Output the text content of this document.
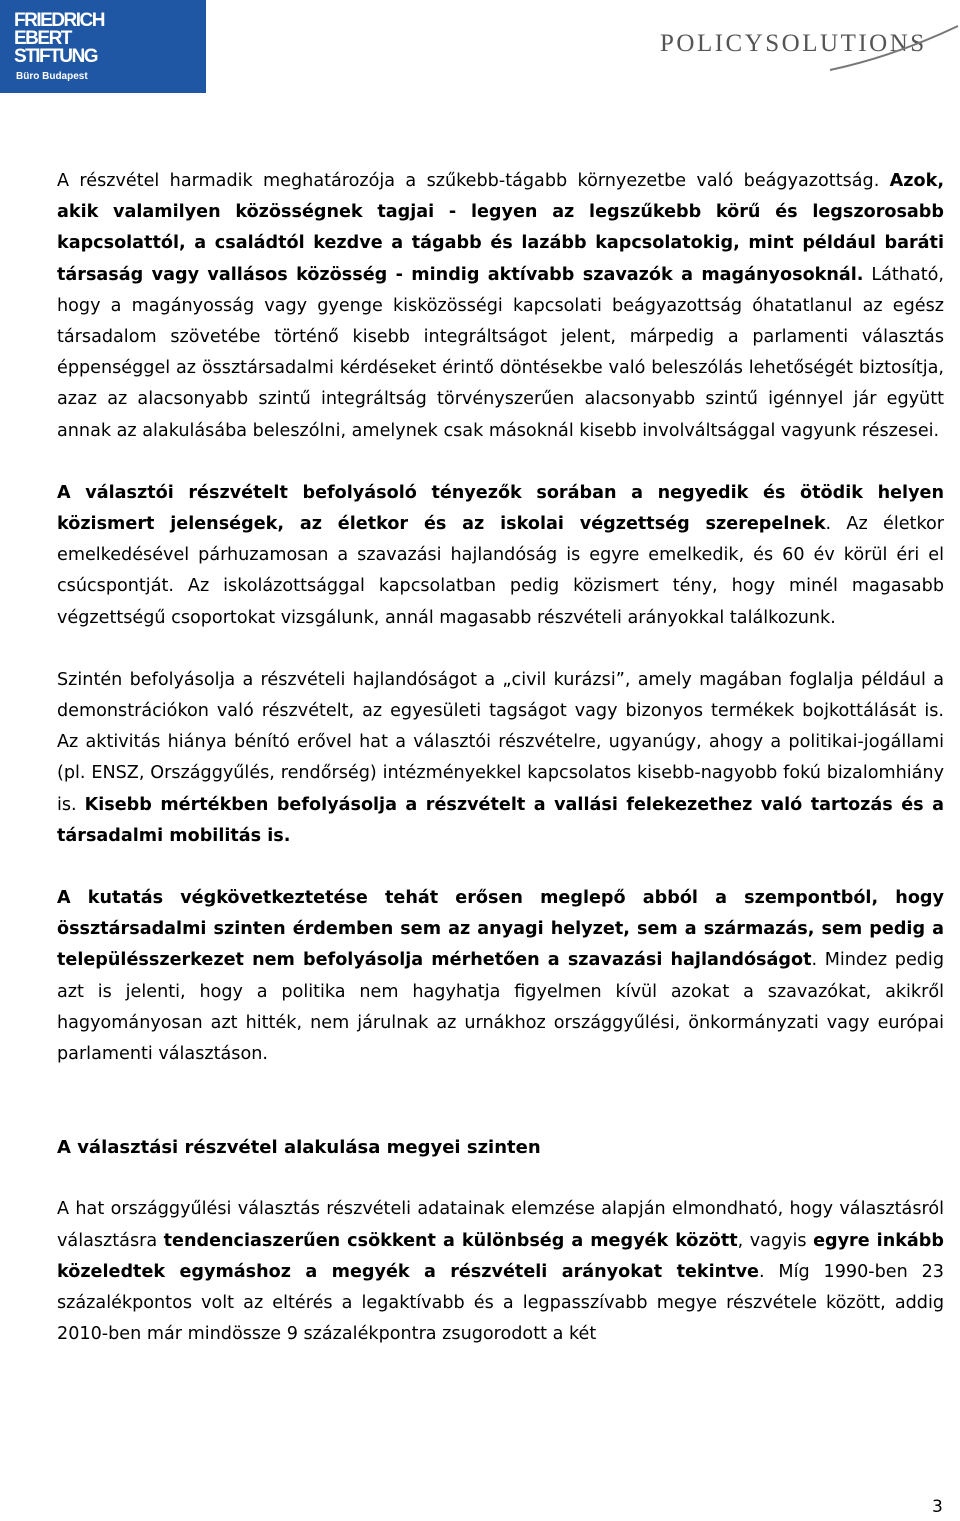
FRIEDRICH
EBERT
STIFTUNG
Büro Budapest
POLICYSOLUTIONS

A részvétel harmadik meghatározója a szűkebb-tágabb környezetbe való beágyazottság. Azok, akik valamilyen közösségnek tagjai - legyen az legszűkebb körű és legszorosabb kapcsolattól, a családtól kezdve a tágabb és lazább kapcsolatokig, mint például baráti társaság vagy vallásos közösség - mindig aktívabb szavazók a magányosoknál. Látható, hogy a magányosság vagy gyenge kisközösségi kapcsolati beágyazottság óhatatlanul az egész társadalom szövetébe történő kisebb integráltságot jelent, márpedig a parlamenti választás éppenséggel az össztársadalmi kérdéseket érintő döntésekbe való beleszólás lehetőségét biztosítja, azaz az alacsonyabb szintű integráltság törvényszerűen alacsonyabb szintű igénnyel jár együtt annak az alakulásába beleszólni, amelynek csak másoknál kisebb involváltsággal vagyunk részesei.

A választói részvételt befolyásoló tényezők sorában a negyedik és ötödik helyen közismert jelenségek, az életkor és az iskolai végzettség szerepelnek. Az életkor emelkedésével párhuzamosan a szavazási hajlandóság is egyre emelkedik, és 60 év körül éri el csúcspontját. Az iskolázottsággal kapcsolatban pedig közismert tény, hogy minél magasabb végzettségű csoportokat vizsgálunk, annál magasabb részvételi arányokkal találkozunk.

Szintén befolyásolja a részvételi hajlandóságot a „civil kurázsi”, amely magában foglalja például a demonstrációkon való részvételt, az egyesületi tagságot vagy bizonyos termékek bojkottálását is. Az aktivitás hiánya bénító erővel hat a választói részvételre, ugyanúgy, ahogy a politikai-jogállami (pl. ENSZ, Országgyűlés, rendőrség) intézményekkel kapcsolatos kisebb-nagyobb fokú bizalomhiány is. Kisebb mértékben befolyásolja a részvételt a vallási felekezethez való tartozás és a társadalmi mobilitás is.

A kutatás végkövetkeztetése tehát erősen meglepő abból a szempontból, hogy össztársadalmi szinten érdemben sem az anyagi helyzet, sem a származás, sem pedig a településszerkezet nem befolyásolja mérhetően a szavazási hajlandóságot. Mindez pedig azt is jelenti, hogy a politika nem hagyhatja figyelmen kívül azokat a szavazókat, akikről hagyományosan azt hitték, nem járulnak az urnákhoz országgyűlési, önkormányzati vagy európai parlamenti választáson.

A választási részvétel alakulása megyei szinten

A hat országgyűlési választás részvételi adatainak elemzése alapján elmondható, hogy választásról választásra tendenciaszerűen csökkent a különbség a megyék között, vagyis egyre inkább közeledtek egymáshoz a megyék a részvételi arányokat tekintve. Míg 1990-ben 23 százalékpontos volt az eltérés a legaktívabb és a legpasszívabb megye részvétele között, addig 2010-ben már mindössze 9 százalékpontra zsugorodott a két

3
